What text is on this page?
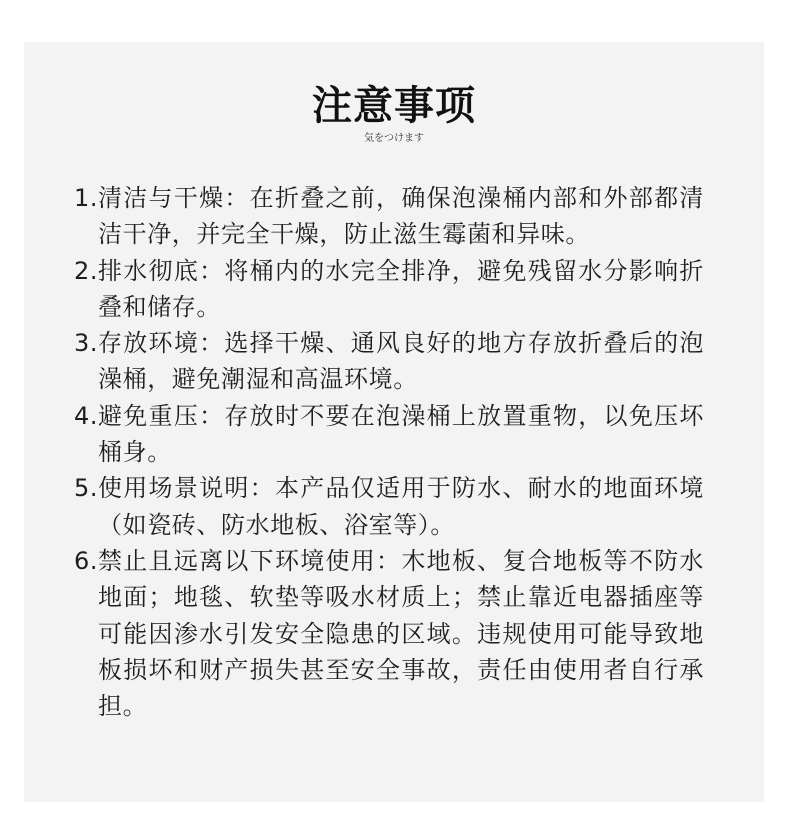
注意事项
気をつけます
1. 清洁与干燥：在折叠之前，确保泡澡桶内部和外部都清洁干净，并完全干燥，防止滋生霉菌和异味。
2. 排水彻底：将桶内的水完全排净，避免残留水分影响折叠和储存。
3. 存放环境：选择干燥、通风良好的地方存放折叠后的泡澡桶，避免潮湿和高温环境。
4. 避免重压：存放时不要在泡澡桶上放置重物，以免压坏桶身。
5. 使用场景说明：本产品仅适用于防水、耐水的地面环境（如瓷砖、防水地板、浴室等）。
6. 禁止且远离以下环境使用：木地板、复合地板等不防水地面；地毯、软垫等吸水材质上；禁止靠近电器插座等可能因渗水引发安全隐患的区域。违规使用可能导致地板损坏和财产损失甚至安全事故，责任由使用者自行承担。
